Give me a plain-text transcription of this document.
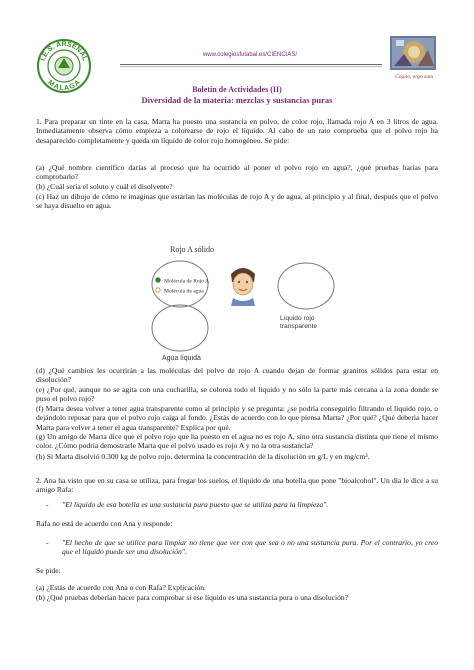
I.E.S. ARSENAL
MALAGA
www.colegiosfutabal.es/CIENCIAS/
Cogito, ergo sum
Boletín de Actividades (II)
Diversidad de la materia: mezclas y sustancias puras
1. Para preparar un tinte en la casa, Marta ha puesto una sustancia en polvo, de color rojo, llamada rojo A en 3 litros de agua. Inmediatamente observa cómo empieza a colorearse de rojo el líquido. Al cabo de un rato comprueba que el polvo rojo ha desaparecido completamente y queda un líquido de color rojo homogéneo. Se pide:
(a) ¿Qué nombre científico darías al proceso que ha ocurrido al poner el polvo rojo en agua?, ¿qué pruebas harías para comprobarlo?
(b) ¿Cuál sería el soluto y cuál el disolvente?
(c) Haz un dibujo de cómo te imaginas que estarían las moléculas de rojo A y de agua, al principio y al final, después que el polvo se haya disuelto en agua.
Rojo A sólido
Molécula de Rojo A
Molécula de agua
Líquido rojo
transparente
Agua líquida
(d) ¿Qué cambios les ocurrirán a las moléculas del polvo de rojo A cuando dejan de formar granitos sólidos para estar en disolución?
(e) ¿Por qué, aunque no se agita con una cucharilla, se colorea todo el líquido y no sólo la parte más cercana a la zona donde se puso el polvo rojo?
(f) Marta desea volver a tener agua transparente como al principio y se pregunta: ¿se podría conseguirlo filtrando el líquido rojo, o dejándolo reposar para que el polvo rojo caiga al fondo. ¿Estás de acuerdo con lo que piensa Marta? ¿Por qué? ¿Qué deberia hacer Marta para volver a tener el agua transparente? Explica por qué.
(g) Un amigo de Marta dice que el polvo rojo que ha puesto en el agua no es rojo A, sino otra sustancia distinta que tiene el mismo color. ¿Cómo podría demostrarle Marta que el polvo usado es rojo A y no la otra sustancia?
(h) Si Marta disolvió 0.300 kg de polvo rojo, determina la concentración de la disolución en g/L y en mg/cm³.
2. Ana ha visto que en su casa se utiliza, para fregar los suelos, el líquido de una botella que pone "bioalcohol". Un día le dice a su amigo Rafa:
- "El líquido de esa botella es una sustancia pura puesto que se utiliza para la limpieza".
Rafa no está de acuerdo con Ana y responde:
- "El hecho de que se utilice para limpiar no tiene que ver con que sea o no una sustancia pura. Por el contrario, yo creo que el líquido puede ser una disolución".
Se pide:
(a) ¿Estás de acuerdo con Ana o con Rafa? Explicación.
(b) ¿Qué pruebas deberían hacer para comprobar si ese líquido es una sustancia pura o una disolución?
